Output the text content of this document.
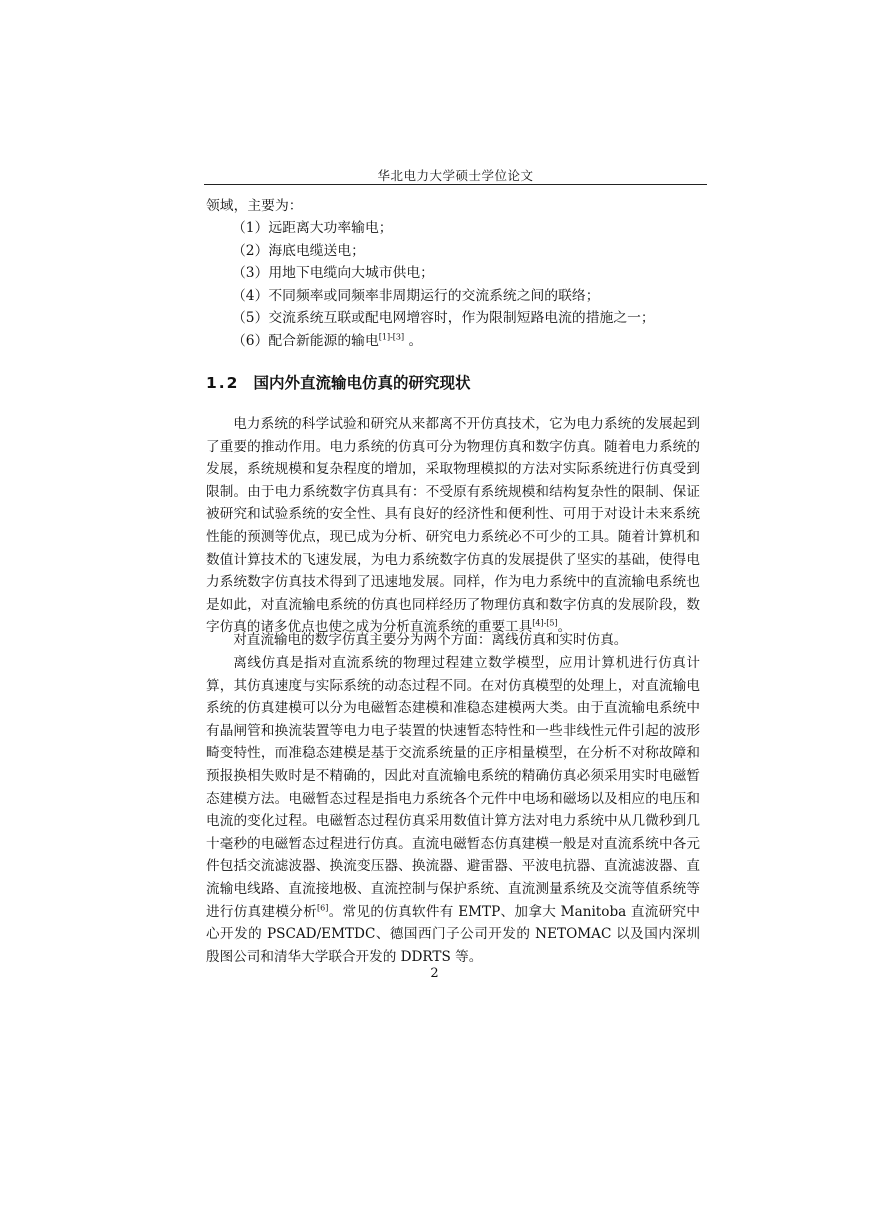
华北电力大学硕士学位论文
领域，主要为：
（1）远距离大功率输电；
（2）海底电缆送电；
（3）用地下电缆向大城市供电；
（4）不同频率或同频率非周期运行的交流系统之间的联络；
（5）交流系统互联或配电网增容时，作为限制短路电流的措施之一；
（6）配合新能源的输电[1]-[3] 。
1.2 国内外直流输电仿真的研究现状

电力系统的科学试验和研究从来都离不开仿真技术，它为电力系统的发展起到了重要的推动作用。电力系统的仿真可分为物理仿真和数字仿真。随着电力系统的发展，系统规模和复杂程度的增加，采取物理模拟的方法对实际系统进行仿真受到限制。由于电力系统数字仿真具有：不受原有系统规模和结构复杂性的限制、保证被研究和试验系统的安全性、具有良好的经济性和便利性、可用于对设计未来系统性能的预测等优点，现已成为分析、研究电力系统必不可少的工具。随着计算机和数值计算技术的飞速发展，为电力系统数字仿真的发展提供了坚实的基础，使得电力系统数字仿真技术得到了迅速地发展。同样，作为电力系统中的直流输电系统也是如此，对直流输电系统的仿真也同样经历了物理仿真和数字仿真的发展阶段，数字仿真的诸多优点也使之成为分析直流系统的重要工具[4]-[5]。

对直流输电的数字仿真主要分为两个方面：离线仿真和实时仿真。

离线仿真是指对直流系统的物理过程建立数学模型，应用计算机进行仿真计算，其仿真速度与实际系统的动态过程不同。在对仿真模型的处理上，对直流输电系统的仿真建模可以分为电磁暂态建模和准稳态建模两大类。由于直流输电系统中有晶闸管和换流装置等电力电子装置的快速暂态特性和一些非线性元件引起的波形畸变特性，而准稳态建模是基于交流系统量的正序相量模型，在分析不对称故障和预报换相失败时是不精确的，因此对直流输电系统的精确仿真必须采用实时电磁暂态建模方法。电磁暂态过程是指电力系统各个元件中电场和磁场以及相应的电压和电流的变化过程。电磁暂态过程仿真采用数值计算方法对电力系统中从几微秒到几十毫秒的电磁暂态过程进行仿真。直流电磁暂态仿真建模一般是对直流系统中各元件包括交流滤波器、换流变压器、换流器、避雷器、平波电抗器、直流滤波器、直流输电线路、直流接地极、直流控制与保护系统、直流测量系统及交流等值系统等进行仿真建模分析[6]。常见的仿真软件有 EMTP、加拿大 Manitoba 直流研究中心开发的 PSCAD/EMTDC、德国西门子公司开发的 NETOMAC 以及国内深圳殷图公司和清华大学联合开发的 DDRTS 等。

2
